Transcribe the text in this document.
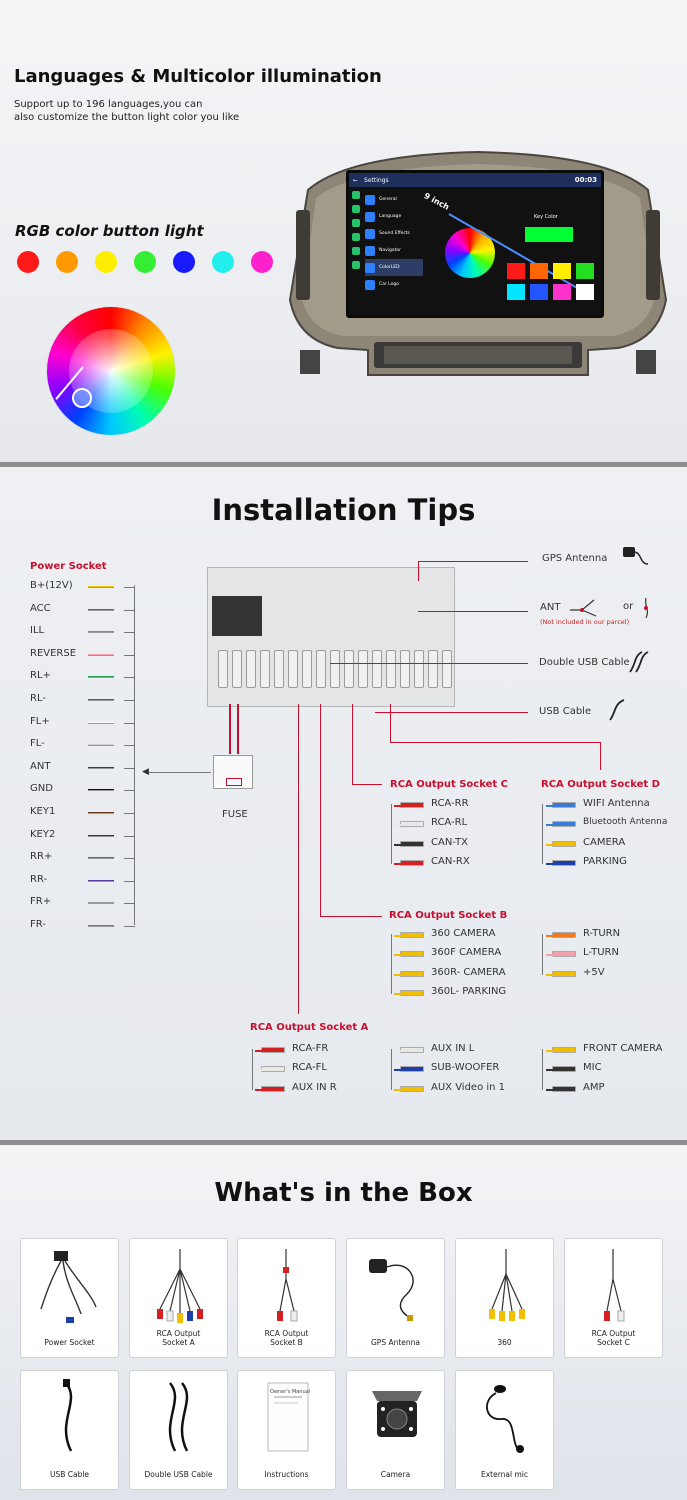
Languages & Multicolor illumination
Support up to 196 languages,you can
also customize the button light color you like
RGB color button light
← Settings	00:03
General
Language
Sound Effects
Navigator
ColorLED
Car Logo
9 inch
Key Color
Installation Tips
Power Socket
B+(12V)
ACC
ILL
REVERSE
RL+
RL-
FL+
FL-
ANT
GND
KEY1
KEY2
RR+
RR-
FR+
FR-
◀
FUSE
GPS Antenna
ANT
(Not included in our parcel)
or
Double USB Cable
USB Cable
RCA Output Socket C	RCA Output Socket D
RCA Output Socket B
RCA Output Socket A
RCA-RR
RCA-RL
CAN-TX
CAN-RX
WIFI Antenna
Bluetooth Antenna
CAMERA
PARKING
360 CAMERA
360F CAMERA
360R- CAMERA
360L- PARKING
R-TURN
L-TURN
+5V
RCA-FR
RCA-FL
AUX IN R
AUX IN L
SUB-WOOFER
AUX Video in 1
FRONT CAMERA
MIC
AMP
What's in the Box
Power Socket
RCA Output
Socket A
RCA Output
Socket B	GPS Antenna	360
RCA Output
Socket C
USB Cable	Double USB Cable	Instructions
Owner's Manual
Camera	External mic
